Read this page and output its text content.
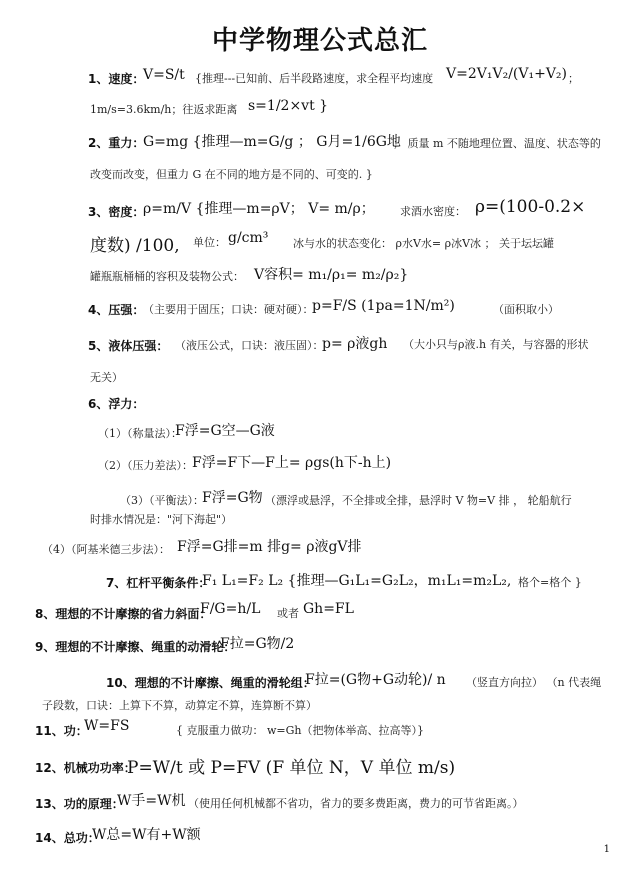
中学物理公式总汇
1、速度：
V=S/t {推理---已知前、后半段路速度，求全程平均速度 V=2V₁V₂/(V₁+V₂) ；
1m/s=3.6km/h；往返求距离 s=1/2×vt }
2、重力：
G=mg {推理—m=G/g ； G月=1/6G地
； 质量 m 不随地理位置、温度、状态等的
改变而改变，但重力 G 在不同的地方是不同的、可变的. }
3、密度：
ρ=m/V {推理—m=ρV； V= m/ρ； 求酒水密度： ρ=(100-0.2×
度数) /100, 单位： g/cm³ 冰与水的状态变化： ρ水V水= ρ冰V冰 ； 关于坛坛罐
罐瓶瓶桶桶的容积及装物公式： V容积= m₁/ρ₁= m₂/ρ₂}
4、压强：
（主要用于固压；口诀：硬对硬）：
p=F/S (1pa=1N/m²)	（面积取小）
5、液体压强： （液压公式，口诀：液压固）：
p= ρ液gh （大小只与ρ液.h 有关，与容器的形状
无关）
6、浮力：
（1）（称量法）：
F浮=G空—G液
（2）（压力差法）： F浮=F下—F上= ρgs(h下-h上)
（3）（平衡法）：
F浮=G物 （漂浮或悬浮，不全排或全排，悬浮时 V 物=V 排 ， 轮船航行
时排水情况是："河下海起"）
（4）（阿基米德三步法）： F浮=G排=m 排g= ρ液gV排
7、杠杆平衡条件：
F₁ L₁=F₂ L₂ {推理—G₁L₁=G₂L₂，m₁L₁=m₂L₂, 格个=格个 }
8、理想的不计摩擦的省力斜面：
F/G=h/L 或者 Gh=FL
9、理想的不计摩擦、绳重的动滑轮：
F拉=G物/2
10、理想的不计摩擦、绳重的滑轮组：
F拉=(G物+G动轮)/ n （竖直方向拉） （n 代表绳
子段数，口诀：上算下不算，动算定不算，连算断不算）
11、功：
W=FS	{ 克服重力做功： w=Gh（把物体举高、拉高等）}
12、机械功功率：
P=W/t 或 P=FV (F 单位 N，V 单位 m/s)
13、功的原理：
W手=W机 （使用任何机械都不省功，省力的要多费距离，费力的可节省距离。）
14、总功：
W总=W有+W额
1
